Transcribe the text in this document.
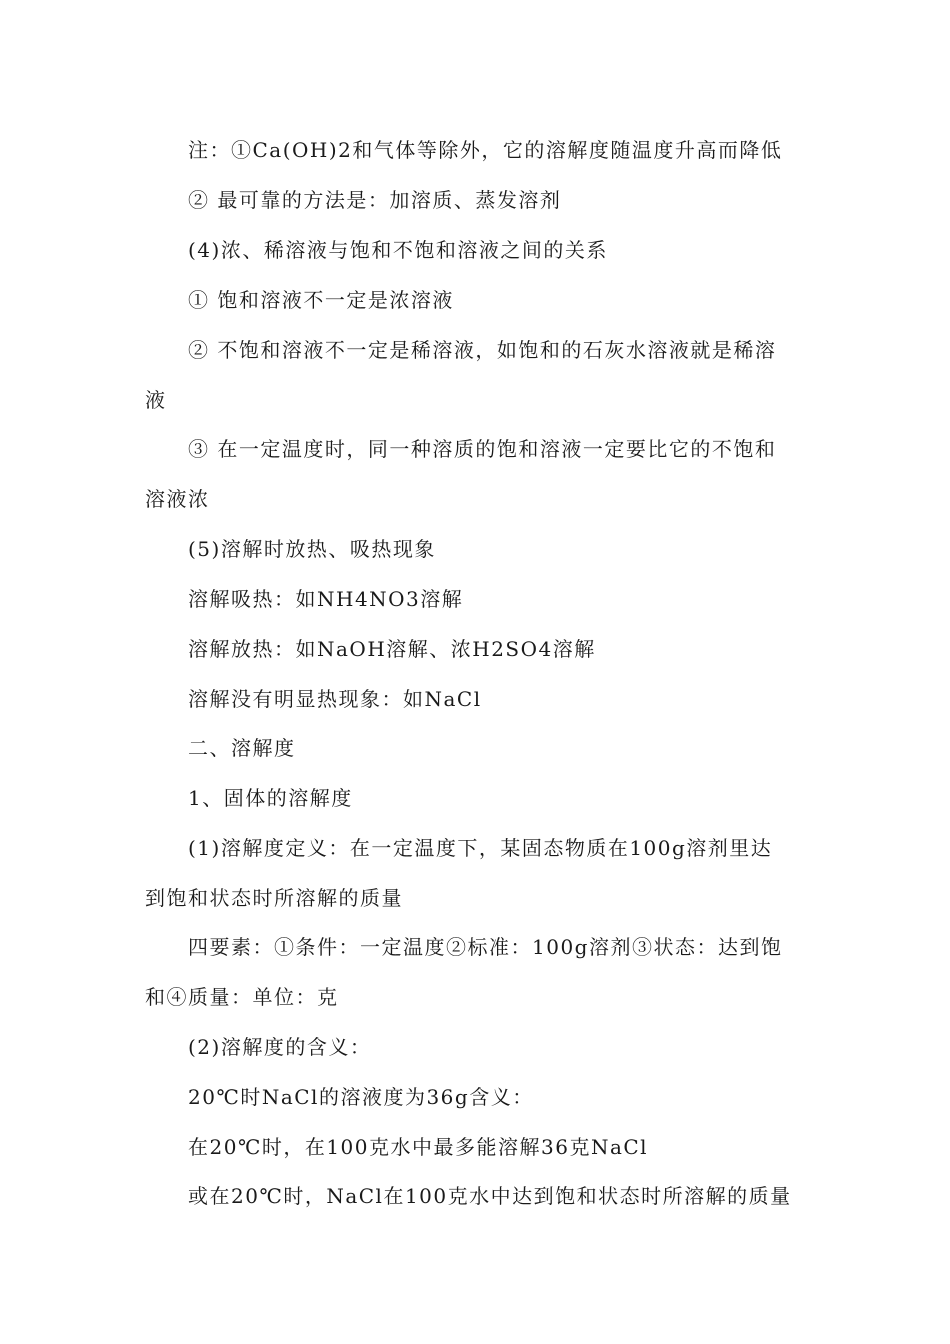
注：①Ca(OH)2和气体等除外，它的溶解度随温度升高而降低
② 最可靠的方法是：加溶质、蒸发溶剂
(4)浓、稀溶液与饱和不饱和溶液之间的关系
① 饱和溶液不一定是浓溶液
② 不饱和溶液不一定是稀溶液，如饱和的石灰水溶液就是稀溶
液
③ 在一定温度时，同一种溶质的饱和溶液一定要比它的不饱和
溶液浓
(5)溶解时放热、吸热现象
溶解吸热：如NH4NO3溶解
溶解放热：如NaOH溶解、浓H2SO4溶解
溶解没有明显热现象：如NaCl
二、溶解度
1、固体的溶解度
(1)溶解度定义：在一定温度下，某固态物质在100g溶剂里达
到饱和状态时所溶解的质量
四要素：①条件：一定温度②标准：100g溶剂③状态：达到饱
和④质量：单位：克
(2)溶解度的含义：
20℃时NaCl的溶液度为36g含义：
在20℃时，在100克水中最多能溶解36克NaCl
或在20℃时，NaCl在100克水中达到饱和状态时所溶解的质量
